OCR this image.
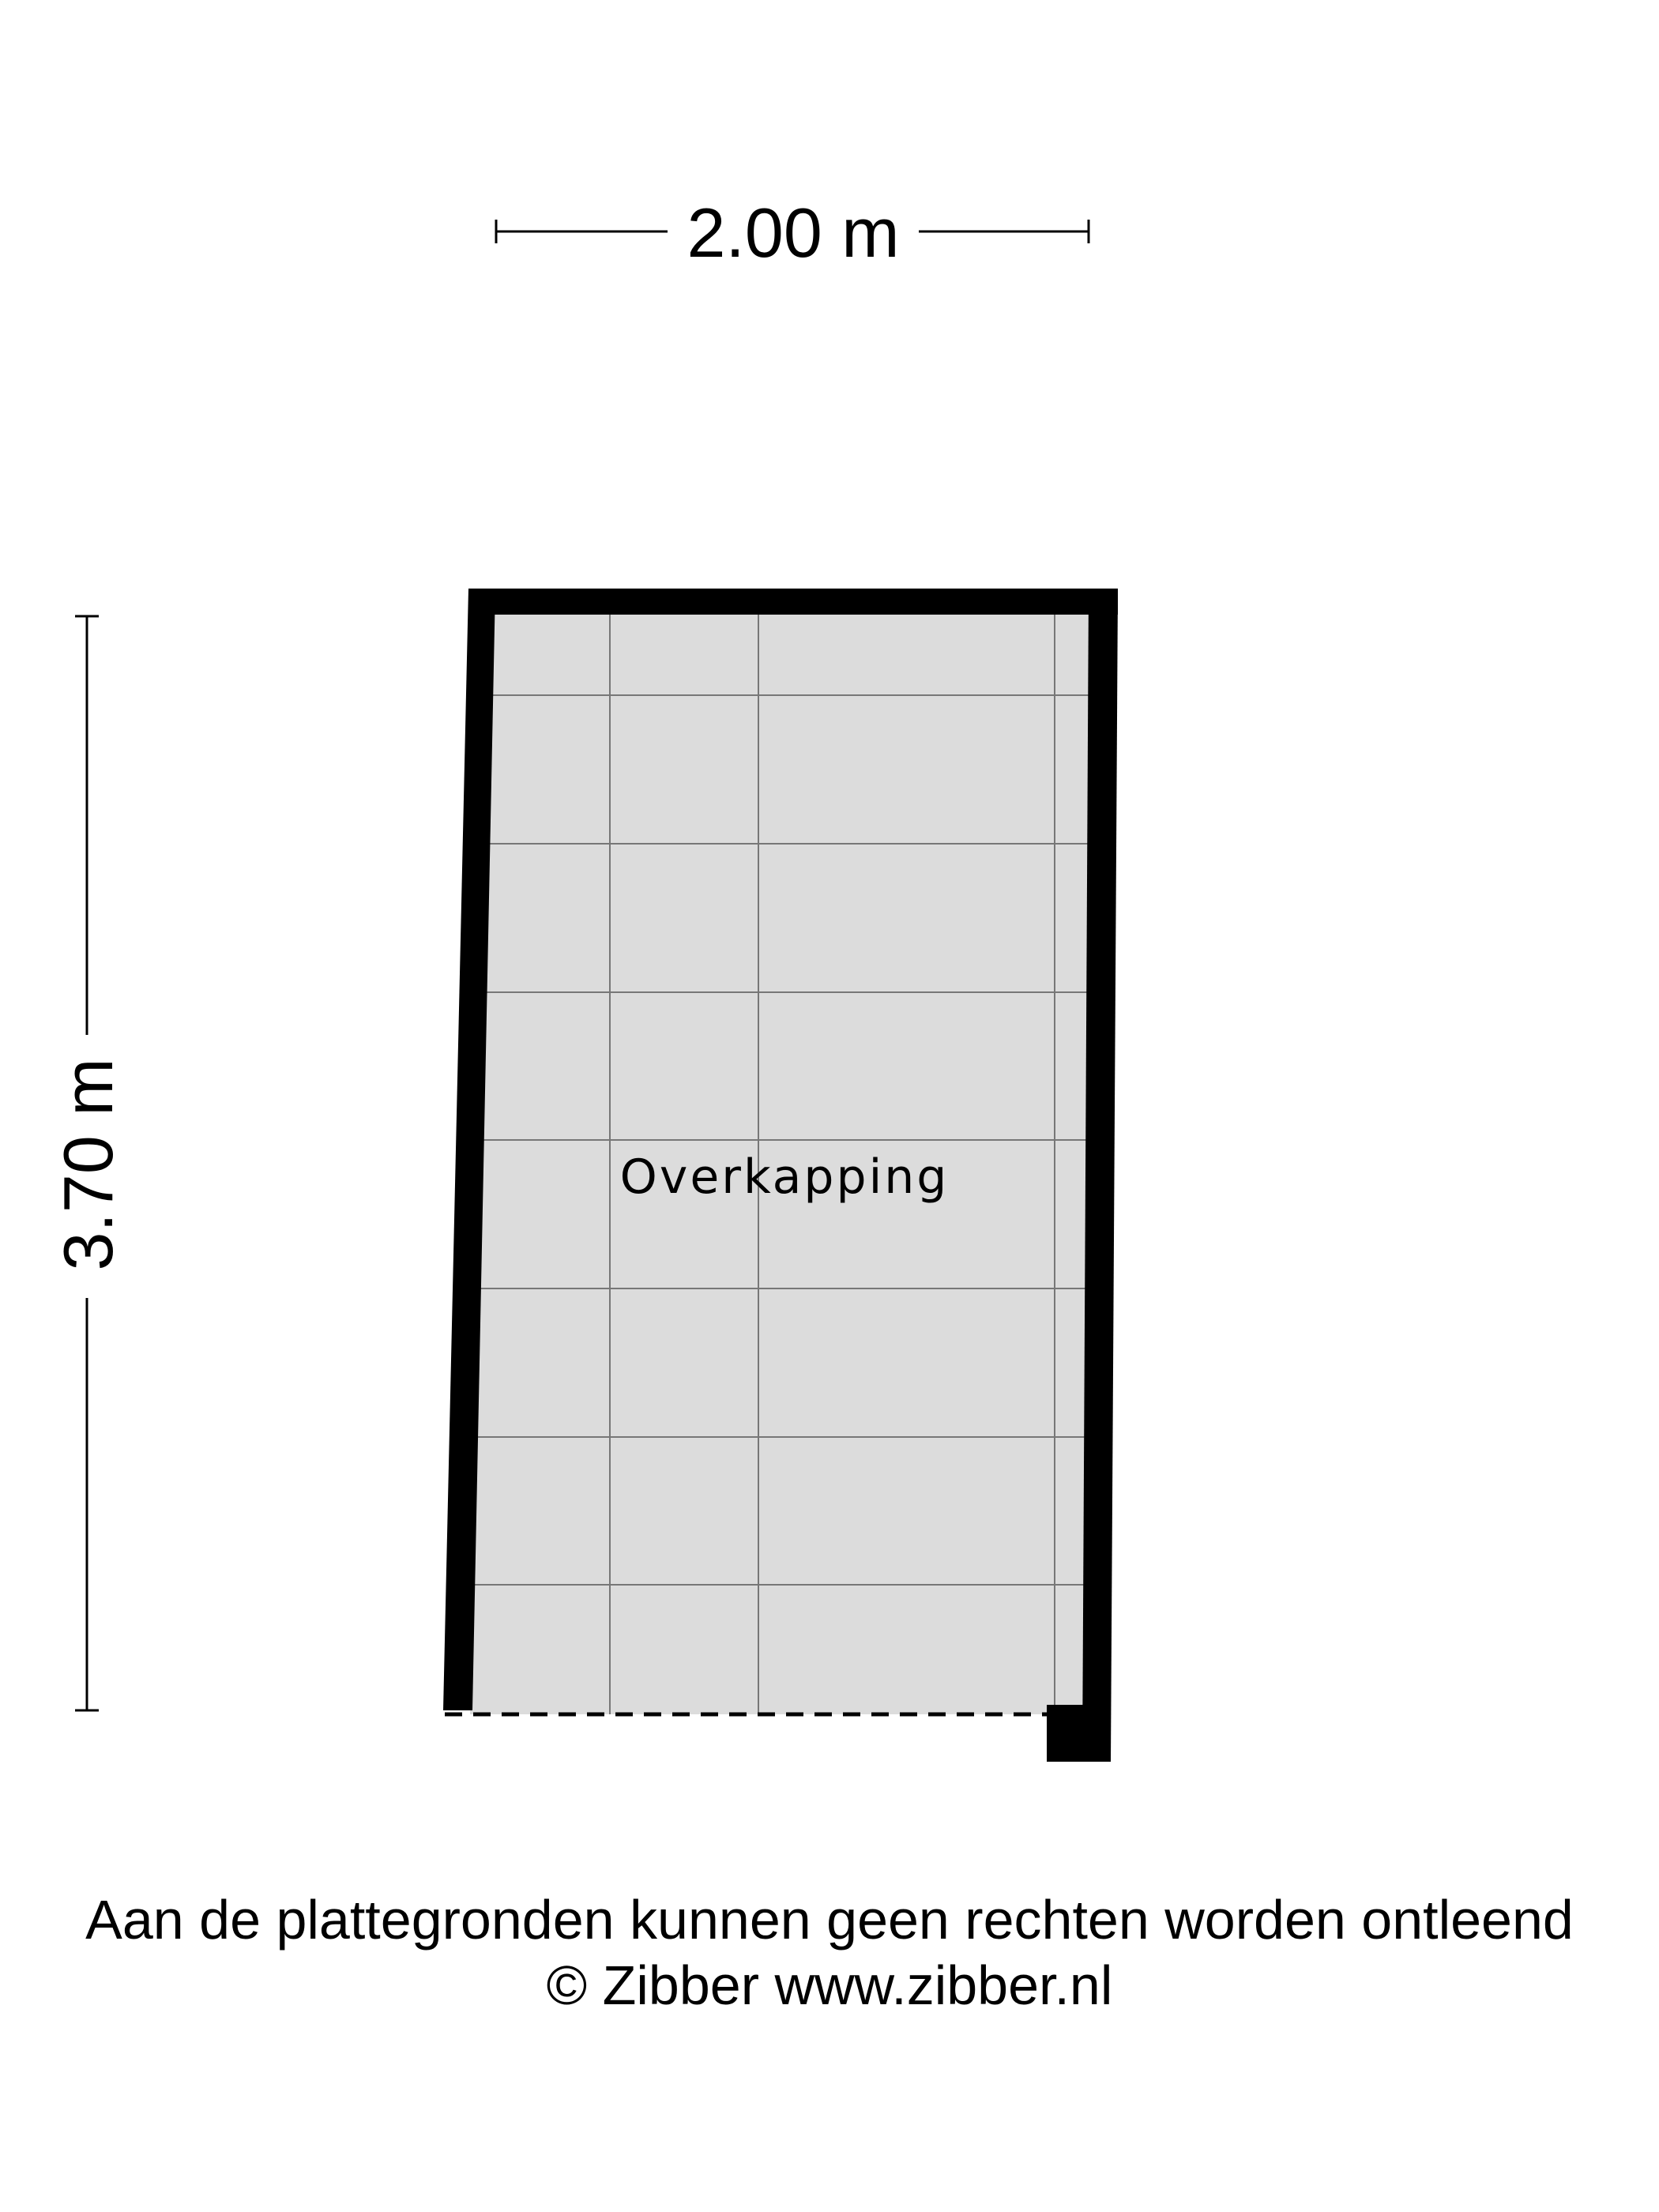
2.00 m
3.70 m	Overkapping
Aan de plattegronden kunnen geen rechten worden ontleend
© Zibber www.zibber.nl
